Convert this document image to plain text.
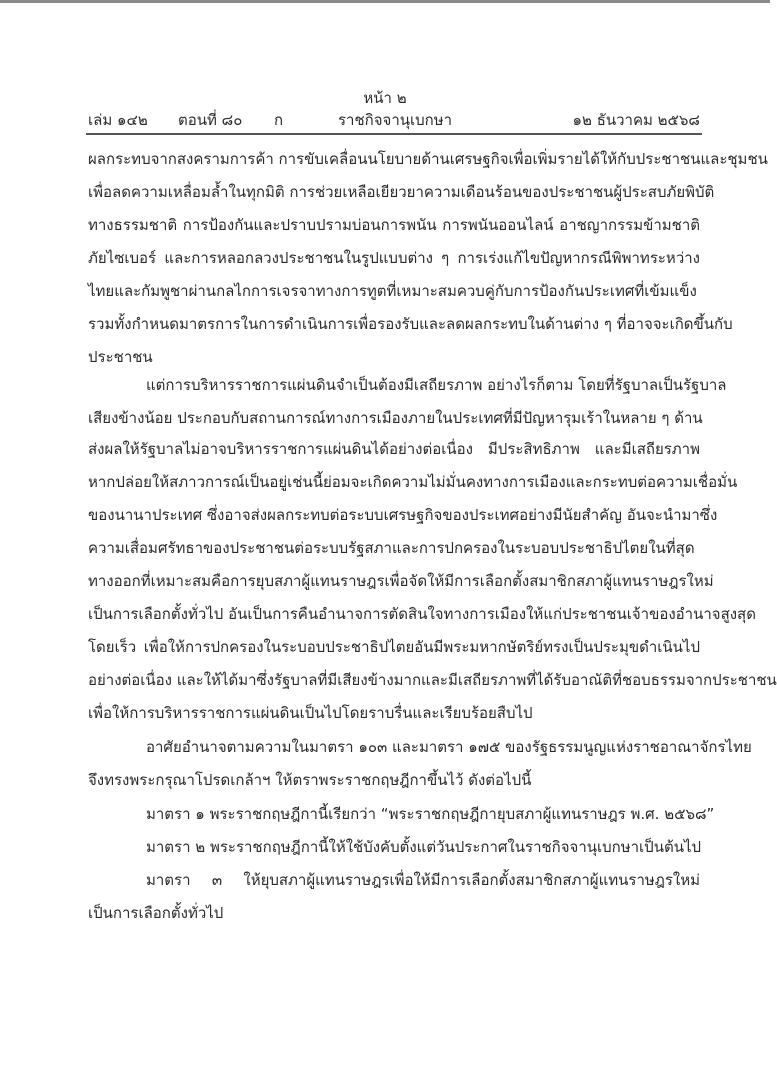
หน้า ๒
เล่ม ๑๔๒ ตอนที่ ๘๐ ก	ราชกิจจานุเบกษา	๑๒ ธันวาคม ๒๕๖๘
ผลกระทบจากสงครามการค้า การขับเคลื่อนนโยบายด้านเศรษฐกิจเพื่อเพิ่มรายได้ให้กับประชาชนและชุมชน
เพื่อลดความเหลื่อมล้ำในทุกมิติ การช่วยเหลือเยียวยาความเดือนร้อนของประชาชนผู้ประสบภัยพิบัติ
ทางธรรมชาติ การป้องกันและปราบปรามบ่อนการพนัน การพนันออนไลน์ อาชญากรรมข้ามชาติ
ภัยไซเบอร์ และการหลอกลวงประชาชนในรูปแบบต่าง ๆ การเร่งแก้ไขปัญหากรณีพิพาทระหว่าง
ไทยและกัมพูชาผ่านกลไกการเจรจาทางการทูตที่เหมาะสมควบคู่กับการป้องกันประเทศที่เข้มแข็ง
รวมทั้งกำหนดมาตรการในการดำเนินการเพื่อรองรับและลดผลกระทบในด้านต่าง ๆ ที่อาจจะเกิดขึ้นกับ
ประชาชน
แต่การบริหารราชการแผ่นดินจำเป็นต้องมีเสถียรภาพ อย่างไรก็ตาม โดยที่รัฐบาลเป็นรัฐบาล
เสียงข้างน้อย ประกอบกับสถานการณ์ทางการเมืองภายในประเทศที่มีปัญหารุมเร้าในหลาย ๆ ด้าน
ส่งผลให้รัฐบาลไม่อาจบริหารราชการแผ่นดินได้อย่างต่อเนื่อง มีประสิทธิภาพ และมีเสถียรภาพ
หากปล่อยให้สภาวการณ์เป็นอยู่เช่นนี้ย่อมจะเกิดความไม่มั่นคงทางการเมืองและกระทบต่อความเชื่อมั่น
ของนานาประเทศ ซึ่งอาจส่งผลกระทบต่อระบบเศรษฐกิจของประเทศอย่างมีนัยสำคัญ อันจะนำมาซึ่ง
ความเสื่อมศรัทธาของประชาชนต่อระบบรัฐสภาและการปกครองในระบอบประชาธิปไตยในที่สุด
ทางออกที่เหมาะสมคือการยุบสภาผู้แทนราษฎรเพื่อจัดให้มีการเลือกตั้งสมาชิกสภาผู้แทนราษฎรใหม่
เป็นการเลือกตั้งทั่วไป อันเป็นการคืนอำนาจการตัดสินใจทางการเมืองให้แก่ประชาชนเจ้าของอำนาจสูงสุด
โดยเร็ว เพื่อให้การปกครองในระบอบประชาธิปไตยอันมีพระมหากษัตริย์ทรงเป็นประมุขดำเนินไป
อย่างต่อเนื่อง และให้ได้มาซึ่งรัฐบาลที่มีเสียงข้างมากและมีเสถียรภาพที่ได้รับอาณัติที่ชอบธรรมจากประชาชน
เพื่อให้การบริหารราชการแผ่นดินเป็นไปโดยราบรื่นและเรียบร้อยสืบไป
อาศัยอำนาจตามความในมาตรา ๑๐๓ และมาตรา ๑๗๕ ของรัฐธรรมนูญแห่งราชอาณาจักรไทย
จึงทรงพระกรุณาโปรดเกล้าฯ ให้ตราพระราชกฤษฎีกาขึ้นไว้ ดังต่อไปนี้
มาตรา ๑ พระราชกฤษฎีกานี้เรียกว่า “พระราชกฤษฎีกายุบสภาผู้แทนราษฎร พ.ศ. ๒๕๖๘”
มาตรา ๒ พระราชกฤษฎีกานี้ให้ใช้บังคับตั้งแต่วันประกาศในราชกิจจานุเบกษาเป็นต้นไป
มาตรา ๓ ให้ยุบสภาผู้แทนราษฎรเพื่อให้มีการเลือกตั้งสมาชิกสภาผู้แทนราษฎรใหม่
เป็นการเลือกตั้งทั่วไป
